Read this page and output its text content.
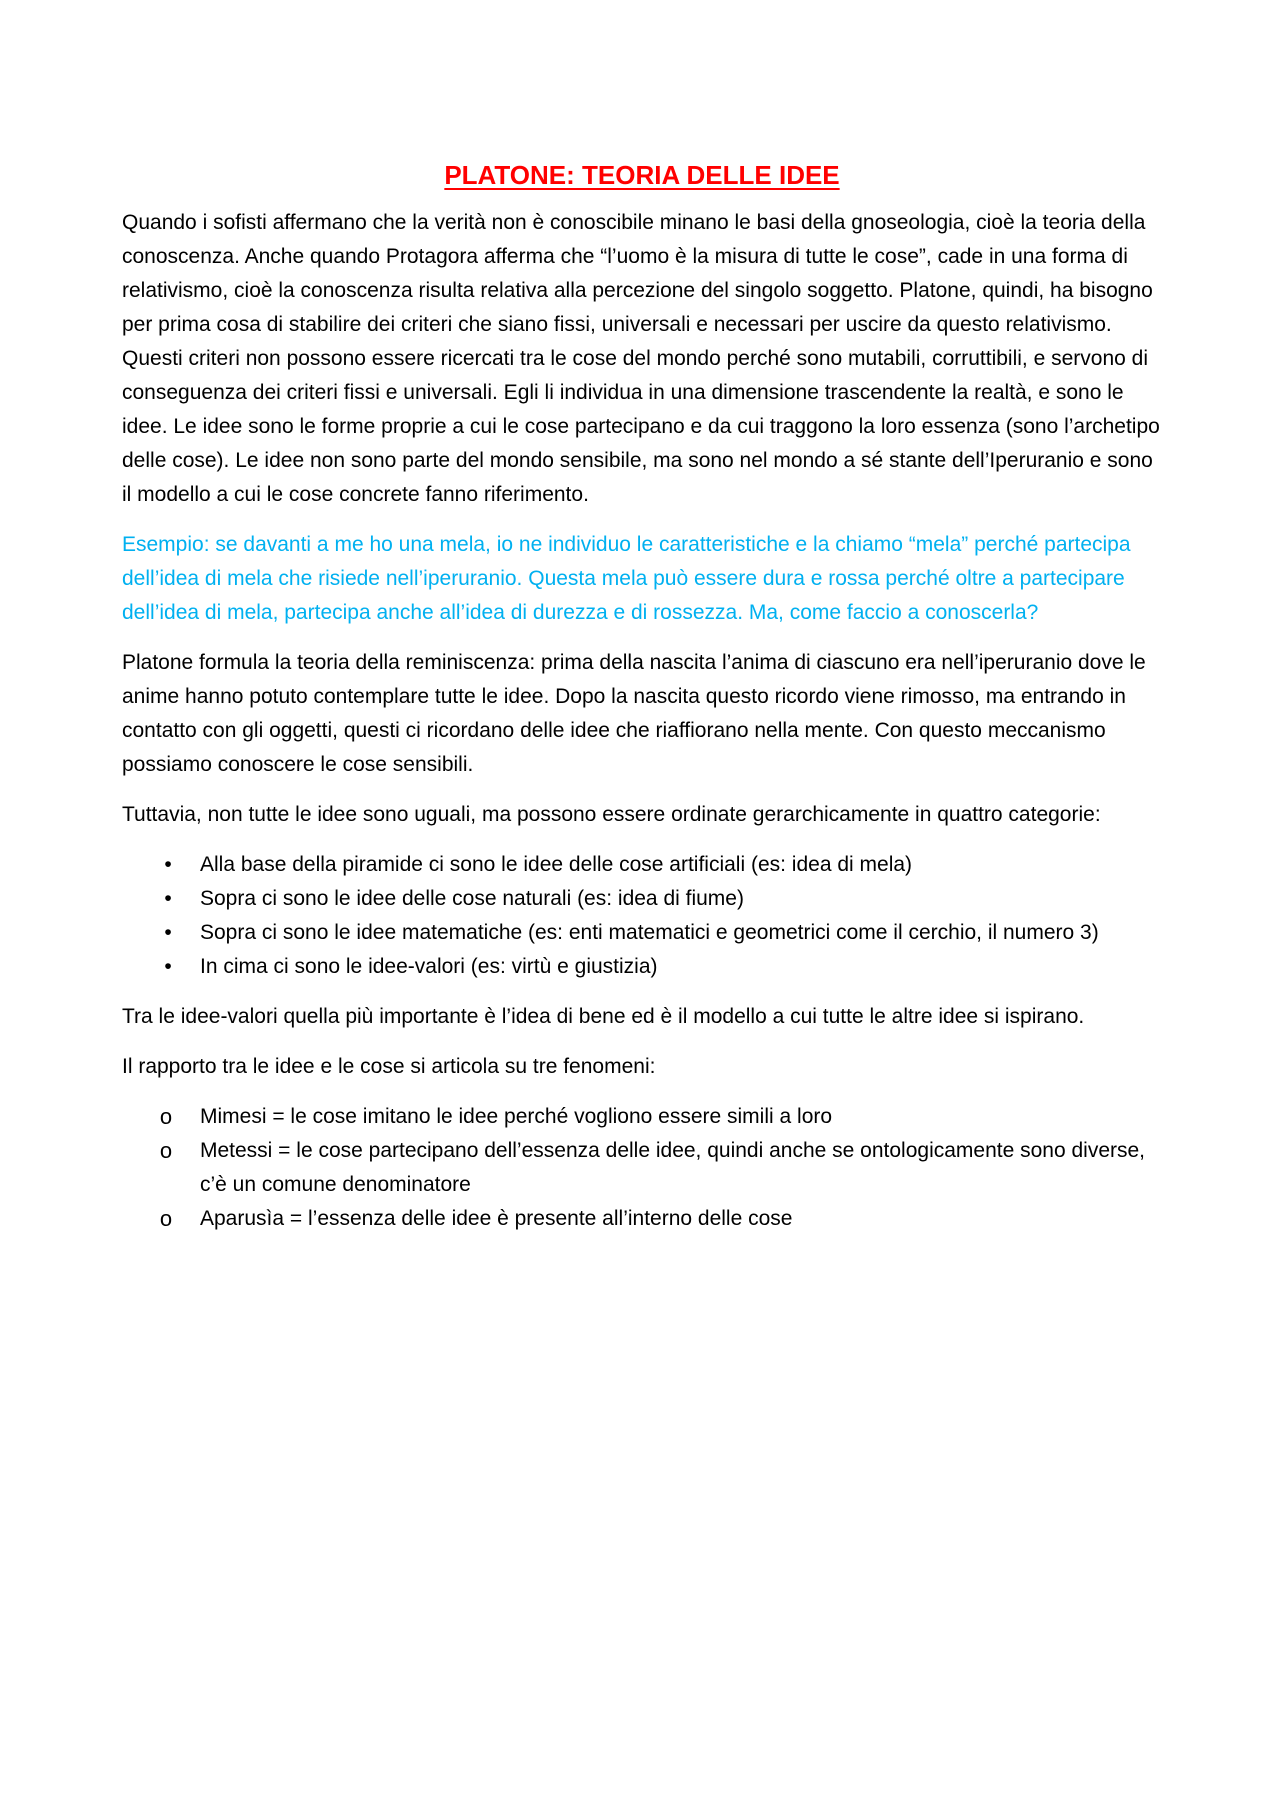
PLATONE: TEORIA DELLE IDEE

Quando i sofisti affermano che la verità non è conoscibile minano le basi della gnoseologia, cioè la teoria della conoscenza. Anche quando Protagora afferma che “l’uomo è la misura di tutte le cose”, cade in una forma di relativismo, cioè la conoscenza risulta relativa alla percezione del singolo soggetto. Platone, quindi, ha bisogno per prima cosa di stabilire dei criteri che siano fissi, universali e necessari per uscire da questo relativismo. Questi criteri non possono essere ricercati tra le cose del mondo perché sono mutabili, corruttibili, e servono di conseguenza dei criteri fissi e universali. Egli li individua in una dimensione trascendente la realtà, e sono le idee. Le idee sono le forme proprie a cui le cose partecipano e da cui traggono la loro essenza (sono l’archetipo delle cose). Le idee non sono parte del mondo sensibile, ma sono nel mondo a sé stante dell’Iperuranio e sono il modello a cui le cose concrete fanno riferimento.

Esempio: se davanti a me ho una mela, io ne individuo le caratteristiche e la chiamo “mela” perché partecipa dell’idea di mela che risiede nell’iperuranio. Questa mela può essere dura e rossa perché oltre a partecipare dell’idea di mela, partecipa anche all’idea di durezza e di rossezza. Ma, come faccio a conoscerla?

Platone formula la teoria della reminiscenza: prima della nascita l’anima di ciascuno era nell’iperuranio dove le anime hanno potuto contemplare tutte le idee. Dopo la nascita questo ricordo viene rimosso, ma entrando in contatto con gli oggetti, questi ci ricordano delle idee che riaffiorano nella mente. Con questo meccanismo possiamo conoscere le cose sensibili.

Tuttavia, non tutte le idee sono uguali, ma possono essere ordinate gerarchicamente in quattro categorie:

•	Alla base della piramide ci sono le idee delle cose artificiali (es: idea di mela)
•	Sopra ci sono le idee delle cose naturali (es: idea di fiume)
•	Sopra ci sono le idee matematiche (es: enti matematici e geometrici come il cerchio, il numero 3)
•	In cima ci sono le idee-valori (es: virtù e giustizia)

Tra le idee-valori quella più importante è l’idea di bene ed è il modello a cui tutte le altre idee si ispirano.

Il rapporto tra le idee e le cose si articola su tre fenomeni:

o Mimesi = le cose imitano le idee perché vogliono essere simili a loro
o Metessi = le cose partecipano dell’essenza delle idee, quindi anche se ontologicamente sono diverse, c’è un comune denominatore
o Aparusìa = l’essenza delle idee è presente all’interno delle cose
